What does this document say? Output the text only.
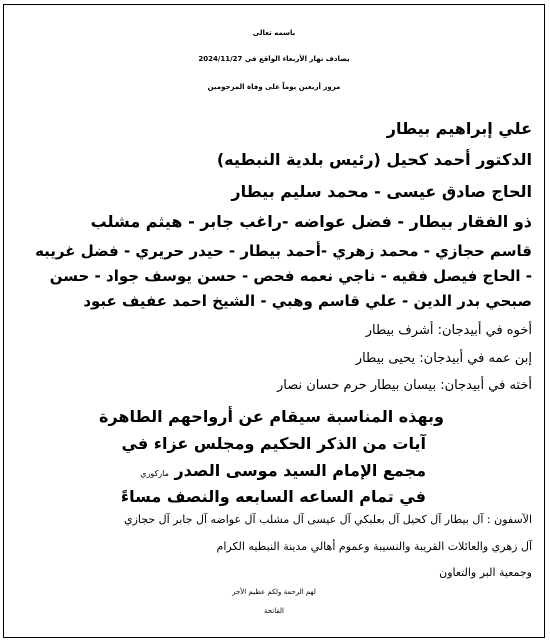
باسمه تعالى
يصادف نهار الأربعاء الواقع في 2024/11/27
مرور أربعين يوماً على وفاة المرحومين
علي إبراهيم بيطار
الدكتور أحمد كحيل (رئيس بلدية النبطيه)
الحاج صادق عيسى - محمد سليم بيطار
ذو الفقار بيطار - فضل عواضه -راغب جابر - هيثم مشلب
قاسم حجازي - محمد زهري -أحمد بيطار - حيدر حريري - فضل غريبه
- الحاج فيصل فقيه - ناجي نعمه فحص - حسن يوسف جواد - حسن
صبحي بدر الدين - علي قاسم وهبي - الشيخ احمد عفيف عبود
أخوه في أبيدجان: أشرف بيطار
إبن عمه في أبيدجان: يحيى بيطار
أخته في أبيدجان: بيسان بيطار حرم حسان نصار
وبهذه المناسبة سيقام عن أرواحهم الطاهرة
آيات من الذكر الحكيم ومجلس عزاء في
مجمع الإمام السيد موسى الصدر ماركوري
في تمام الساعه السابعه والنصف مساءً
الآسفون : آل بيطار آل كحيل آل بعلبكي آل عيسى آل مشلب آل عواضه آل جابر آل حجازي
آل زهري والعائلات القريبة والنسيبة وعموم أهالي مدينة النبطيه الكرام
وجمعية البر والتعاون
لهم الرحمة ولكم عظيم الأجر
الفاتحة
